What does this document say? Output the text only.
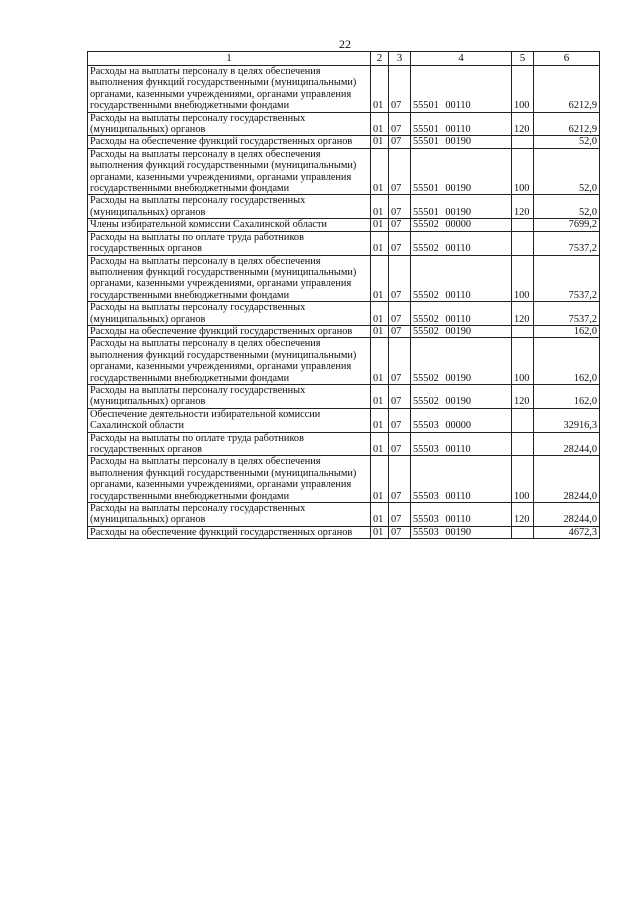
22
1	2	3	4	5	6
Расходы на выплаты персоналу в целях обеспечения выполнения функций государственными (муниципальными) органами, казенными учреждениями, органами управления государственными внебюджетными фондами	01	07	55501 00110	100	6212,9
Расходы на выплаты персоналу государственных (муниципальных) органов	01	07	55501 00110	120	6212,9
Расходы на обеспечение функций государственных органов	01	07	55501 00190		52,0
Расходы на выплаты персоналу в целях обеспечения выполнения функций государственными (муниципальными) органами, казенными учреждениями, органами управления государственными внебюджетными фондами	01	07	55501 00190	100	52,0
Расходы на выплаты персоналу государственных (муниципальных) органов	01	07	55501 00190	120	52,0
Члены избирательной комиссии Сахалинской области	01	07	55502 00000		7699,2
Расходы на выплаты по оплате труда работников государственных органов	01	07	55502 00110		7537,2
Расходы на выплаты персоналу в целях обеспечения выполнения функций государственными (муниципальными) органами, казенными учреждениями, органами управления государственными внебюджетными фондами	01	07	55502 00110	100	7537,2
Расходы на выплаты персоналу государственных (муниципальных) органов	01	07	55502 00110	120	7537,2
Расходы на обеспечение функций государственных органов	01	07	55502 00190		162,0
Расходы на выплаты персоналу в целях обеспечения выполнения функций государственными (муниципальными) органами, казенными учреждениями, органами управления государственными внебюджетными фондами	01	07	55502 00190	100	162,0
Расходы на выплаты персоналу государственных (муниципальных) органов	01	07	55502 00190	120	162,0
Обеспечение деятельности избирательной комиссии Сахалинской области	01	07	55503 00000		32916,3
Расходы на выплаты по оплате труда работников государственных органов	01	07	55503 00110		28244,0
Расходы на выплаты персоналу в целях обеспечения выполнения функций государственными (муниципальными) органами, казенными учреждениями, органами управления государственными внебюджетными фондами	01	07	55503 00110	100	28244,0
Расходы на выплаты персоналу государственных (муниципальных) органов	01	07	55503 00110	120	28244,0
Расходы на обеспечение функций государственных органов	01	07	55503 00190		4672,3
